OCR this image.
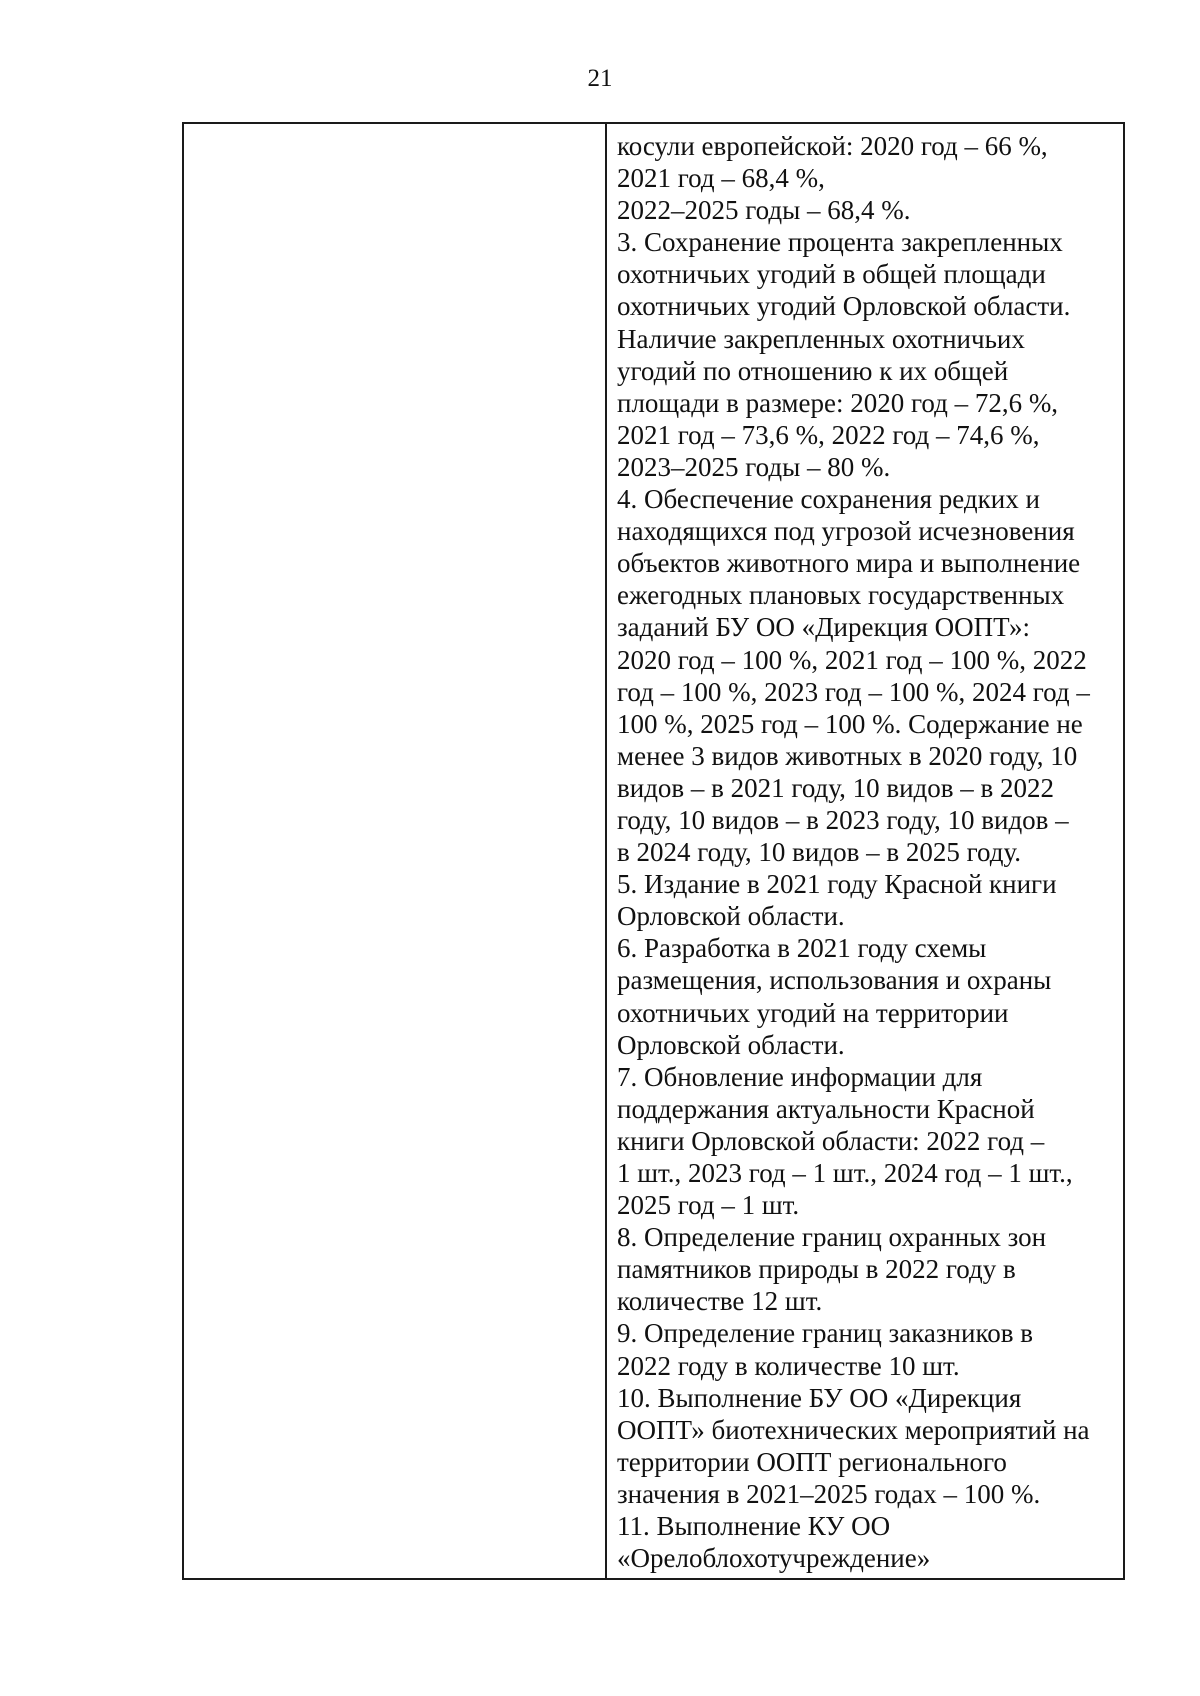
21
косули европейской: 2020 год – 66 %,
2021 год – 68,4 %,
2022–2025 годы – 68,4 %.
3. Сохранение процента закрепленных
охотничьих угодий в общей площади
охотничьих угодий Орловской области.
Наличие закрепленных охотничьих
угодий по отношению к их общей
площади в размере: 2020 год – 72,6 %,
2021 год – 73,6 %, 2022 год – 74,6 %,
2023–2025 годы – 80 %.
4. Обеспечение сохранения редких и
находящихся под угрозой исчезновения
объектов животного мира и выполнение
ежегодных плановых государственных
заданий БУ ОО «Дирекция ООПТ»:
2020 год – 100 %, 2021 год – 100 %, 2022
год – 100 %, 2023 год – 100 %, 2024 год –
100 %, 2025 год – 100 %. Содержание не
менее 3 видов животных в 2020 году, 10
видов – в 2021 году, 10 видов – в 2022
году, 10 видов – в 2023 году, 10 видов –
в 2024 году, 10 видов – в 2025 году.
5. Издание в 2021 году Красной книги
Орловской области.
6. Разработка в 2021 году схемы
размещения, использования и охраны
охотничьих угодий на территории
Орловской области.
7. Обновление информации для
поддержания актуальности Красной
книги Орловской области: 2022 год –
1 шт., 2023 год – 1 шт., 2024 год – 1 шт.,
2025 год – 1 шт.
8. Определение границ охранных зон
памятников природы в 2022 году в
количестве 12 шт.
9. Определение границ заказников в
2022 году в количестве 10 шт.
10. Выполнение БУ ОО «Дирекция
ООПТ» биотехнических мероприятий на
территории ООПТ регионального
значения в 2021–2025 годах – 100 %.
11. Выполнение КУ ОО
«Орелоблохотучреждение»
